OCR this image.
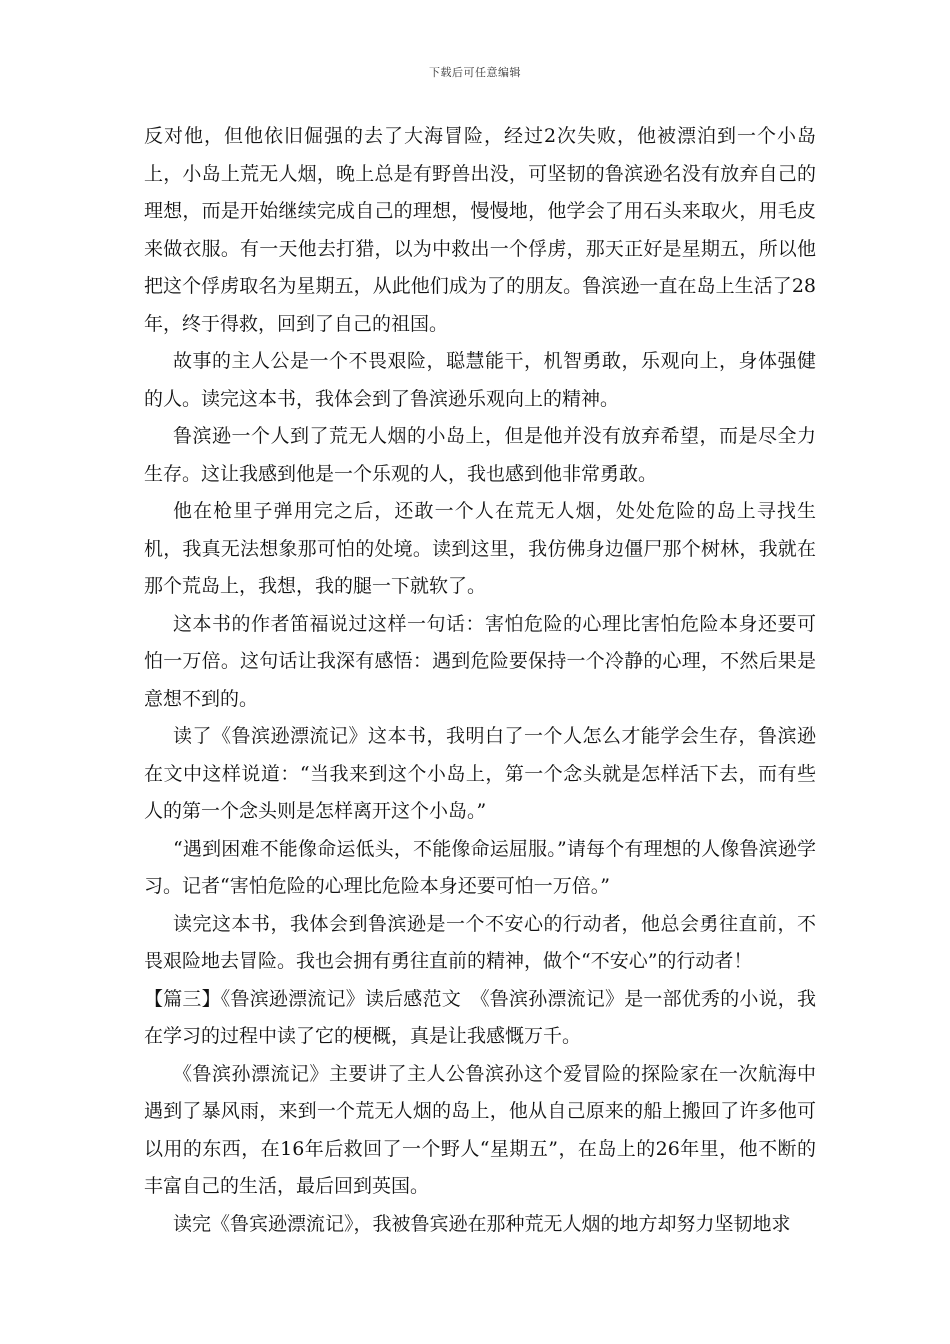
下载后可任意编辑

反对他，但他依旧倔强的去了大海冒险，经过2次失败，他被漂泊到一个小岛上，小岛上荒无人烟，晚上总是有野兽出没，可坚韧的鲁滨逊名没有放弃自己的理想，而是开始继续完成自己的理想，慢慢地，他学会了用石头来取火，用毛皮来做衣服。有一天他去打猎，以为中救出一个俘虏，那天正好是星期五，所以他把这个俘虏取名为星期五，从此他们成为了的朋友。鲁滨逊一直在岛上生活了28年，终于得救，回到了自己的祖国。

故事的主人公是一个不畏艰险，聪慧能干，机智勇敢，乐观向上，身体强健的人。读完这本书，我体会到了鲁滨逊乐观向上的精神。

鲁滨逊一个人到了荒无人烟的小岛上，但是他并没有放弃希望，而是尽全力生存。这让我感到他是一个乐观的人，我也感到他非常勇敢。

他在枪里子弹用完之后，还敢一个人在荒无人烟，处处危险的岛上寻找生机，我真无法想象那可怕的处境。读到这里，我仿佛身边僵尸那个树林，我就在那个荒岛上，我想，我的腿一下就软了。

这本书的作者笛福说过这样一句话：害怕危险的心理比害怕危险本身还要可怕一万倍。这句话让我深有感悟：遇到危险要保持一个冷静的心理，不然后果是意想不到的。

读了《鲁滨逊漂流记》这本书，我明白了一个人怎么才能学会生存，鲁滨逊在文中这样说道：“当我来到这个小岛上，第一个念头就是怎样活下去，而有些人的第一个念头则是怎样离开这个小岛。”

“遇到困难不能像命运低头，不能像命运屈服。”请每个有理想的人像鲁滨逊学习。记者“害怕危险的心理比危险本身还要可怕一万倍。”

读完这本书，我体会到鲁滨逊是一个不安心的行动者，他总会勇往直前，不畏艰险地去冒险。我也会拥有勇往直前的精神，做个“不安心”的行动者！

【篇三】《鲁滨逊漂流记》读后感范文　《鲁滨孙漂流记》是一部优秀的小说，我在学习的过程中读了它的梗概，真是让我感慨万千。

《鲁滨孙漂流记》主要讲了主人公鲁滨孙这个爱冒险的探险家在一次航海中遇到了暴风雨，来到一个荒无人烟的岛上，他从自己原来的船上搬回了许多他可以用的东西，在16年后救回了一个野人“星期五”，在岛上的26年里，他不断的丰富自己的生活，最后回到英国。

读完《鲁宾逊漂流记》，我被鲁宾逊在那种荒无人烟的地方却努力坚韧地求
